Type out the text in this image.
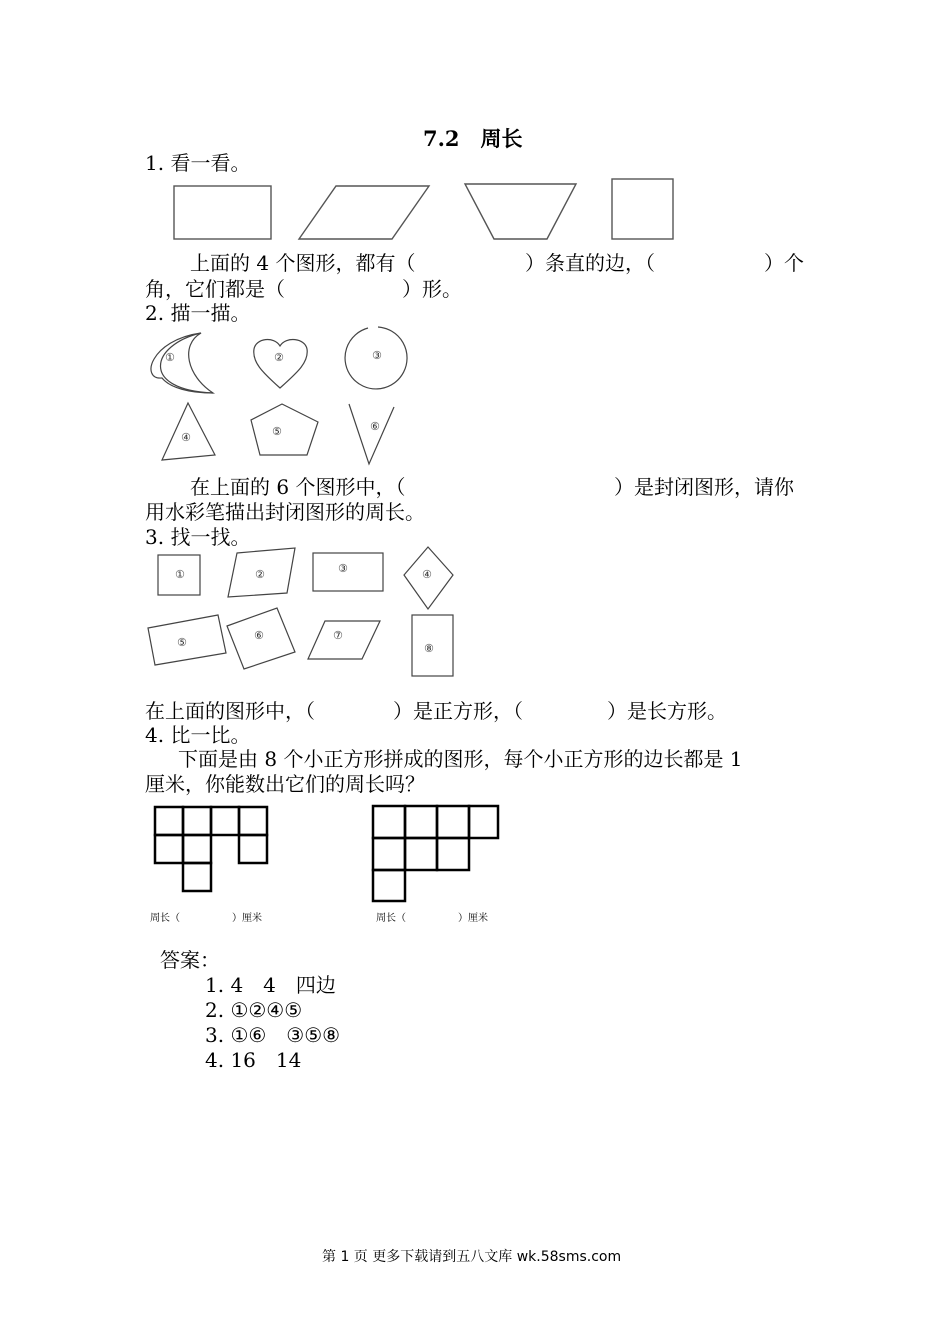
7.2　周长
1. 看一看。
上面的 4 个图形，都有（	）条直的边，（	）个
角，它们都是（	）形。
2. 描一描。
①	②	③
④	⑤	⑥
在上面的 6 个图形中，（	）是封闭图形，请你
用水彩笔描出封闭图形的周长。
3. 找一找。
①	②	③	④
⑤
⑥	⑦
⑧
在上面的图形中，（	）是正方形，（	）是长方形。
4. 比一比。
下面是由 8 个小正方形拼成的图形，每个小正方形的边长都是 1
厘米，你能数出它们的周长吗？
周长（	）厘米	周长（	）厘米
答案：
1. 4　4　四边
2. ①②④⑤
3. ①⑥　③⑤⑧
4. 16　14
第 1 页 更多下载请到五八文库 wk.58sms.com
